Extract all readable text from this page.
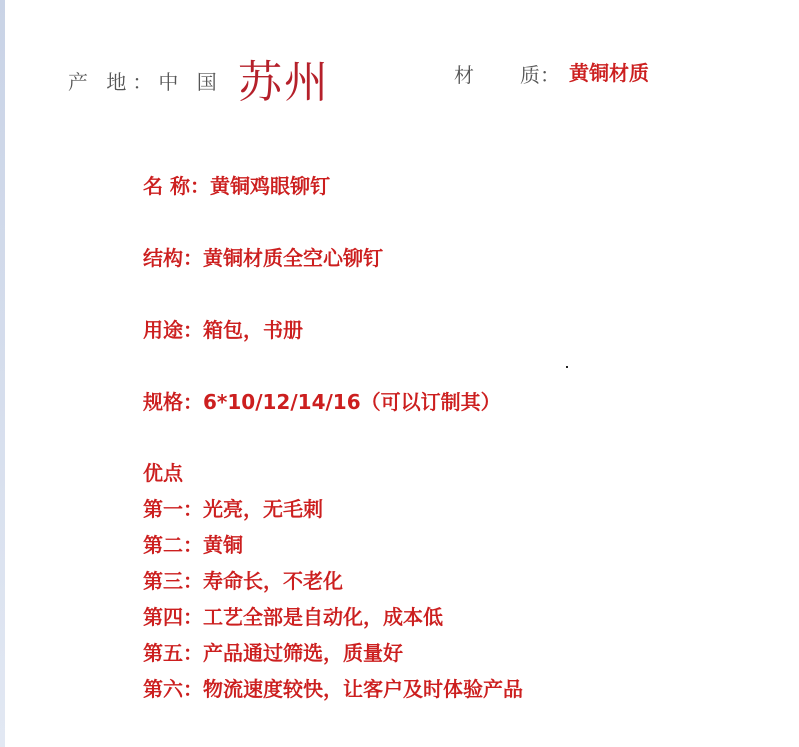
产 地：中 国 苏州	材 质： 黄铜材质
名 称：黄铜鸡眼铆钉
结构：黄铜材质全空心铆钉
用途：箱包，书册
规格：6*10/12/14/16（可以订制其）
优点
第一：光亮，无毛刺
第二：黄铜
第三：寿命长，不老化
第四：工艺全部是自动化，成本低
第五：产品通过筛选，质量好
第六：物流速度较快，让客户及时体验产品
